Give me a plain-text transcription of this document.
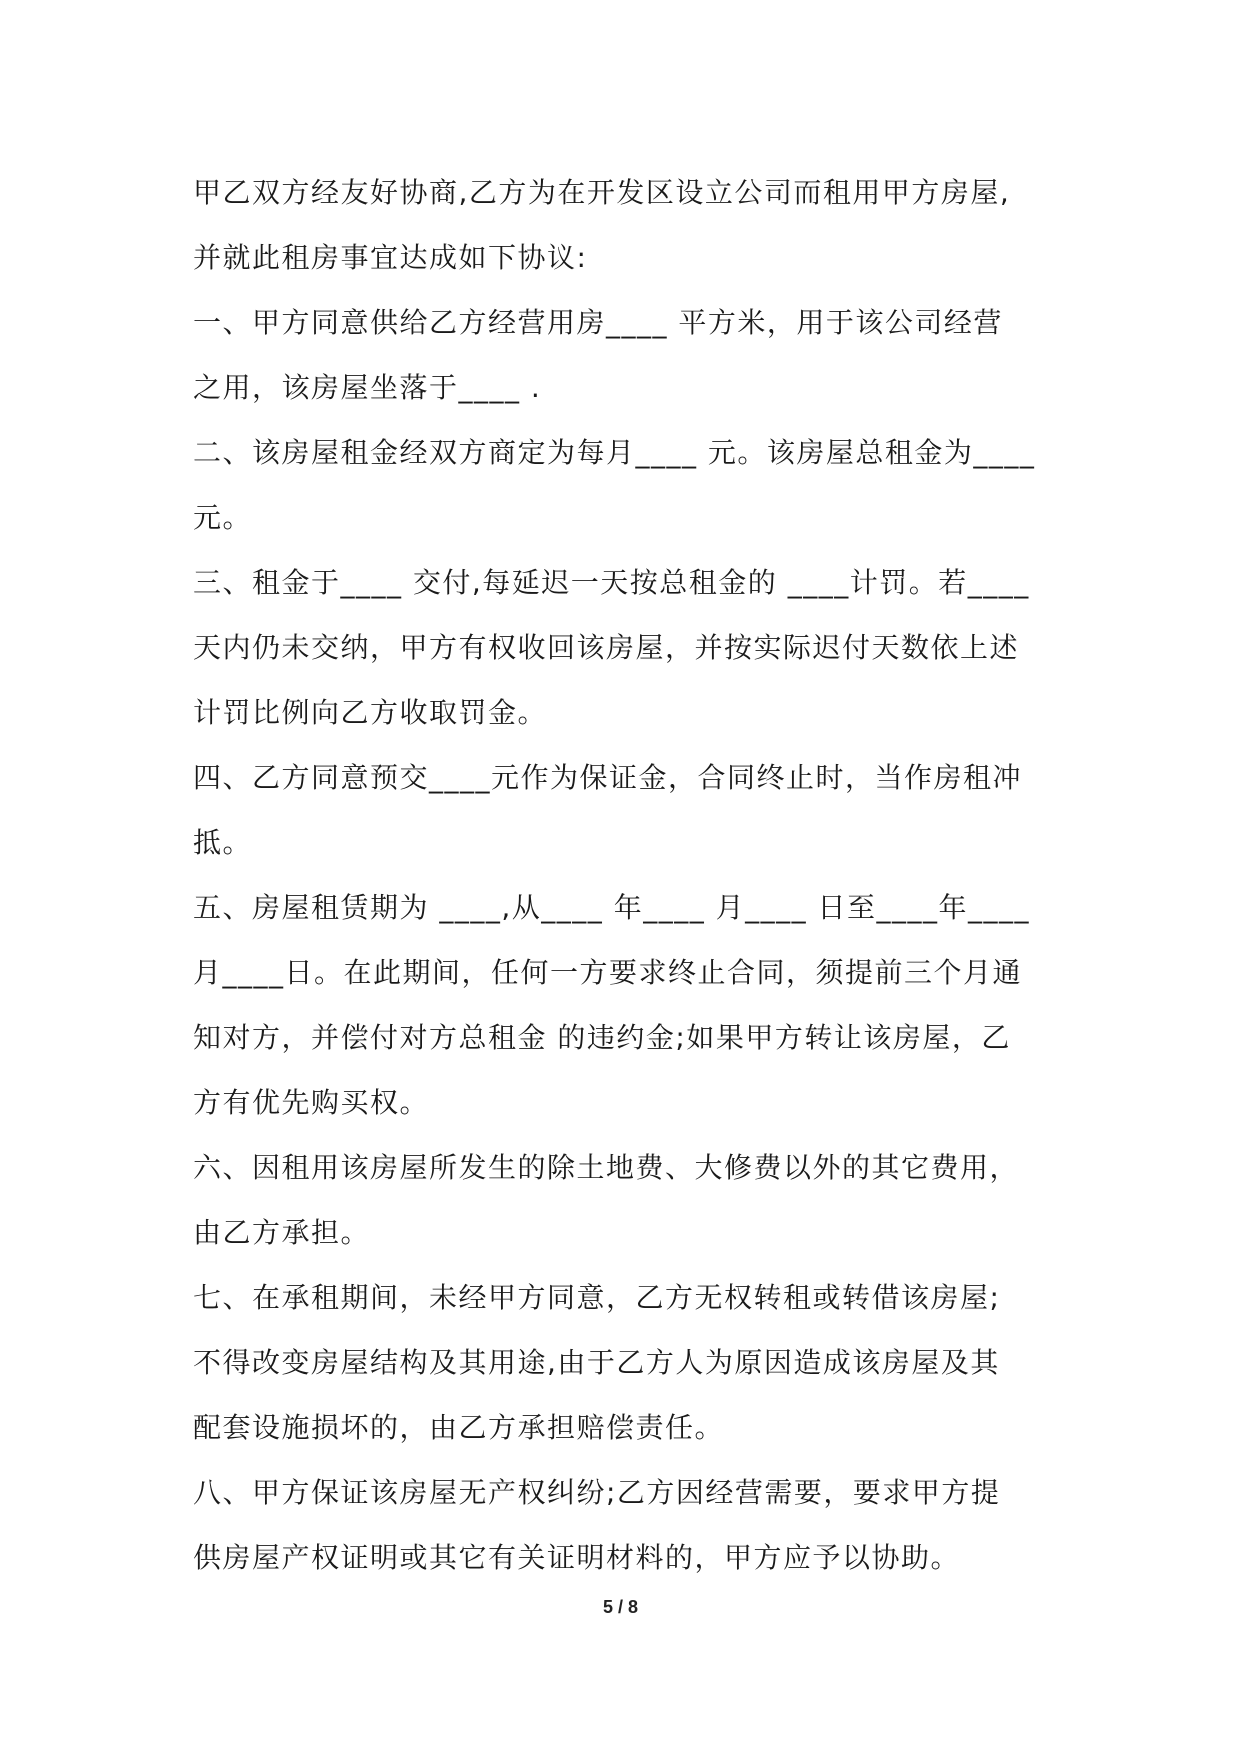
甲乙双方经友好协商,乙方为在开发区设立公司而租用甲方房屋,
并就此租房事宜达成如下协议:
一、甲方同意供给乙方经营用房____ 平方米，用于该公司经营
之用，该房屋坐落于____ .
二、该房屋租金经双方商定为每月____ 元。该房屋总租金为____
元。
三、租金于____ 交付,每延迟一天按总租金的 ____计罚。若____
天内仍未交纳，甲方有权收回该房屋，并按实际迟付天数依上述
计罚比例向乙方收取罚金。
四、乙方同意预交____元作为保证金，合同终止时，当作房租冲
抵。
五、房屋租赁期为 ____,从____ 年____ 月____ 日至____年____
月____日。在此期间，任何一方要求终止合同，须提前三个月通
知对方，并偿付对方总租金 的违约金;如果甲方转让该房屋，乙
方有优先购买权。
六、因租用该房屋所发生的除土地费、大修费以外的其它费用，
由乙方承担。
七、在承租期间，未经甲方同意，乙方无权转租或转借该房屋;
不得改变房屋结构及其用途,由于乙方人为原因造成该房屋及其
配套设施损坏的，由乙方承担赔偿责任。
八、甲方保证该房屋无产权纠纷;乙方因经营需要，要求甲方提
供房屋产权证明或其它有关证明材料的，甲方应予以协助。
5 / 8
